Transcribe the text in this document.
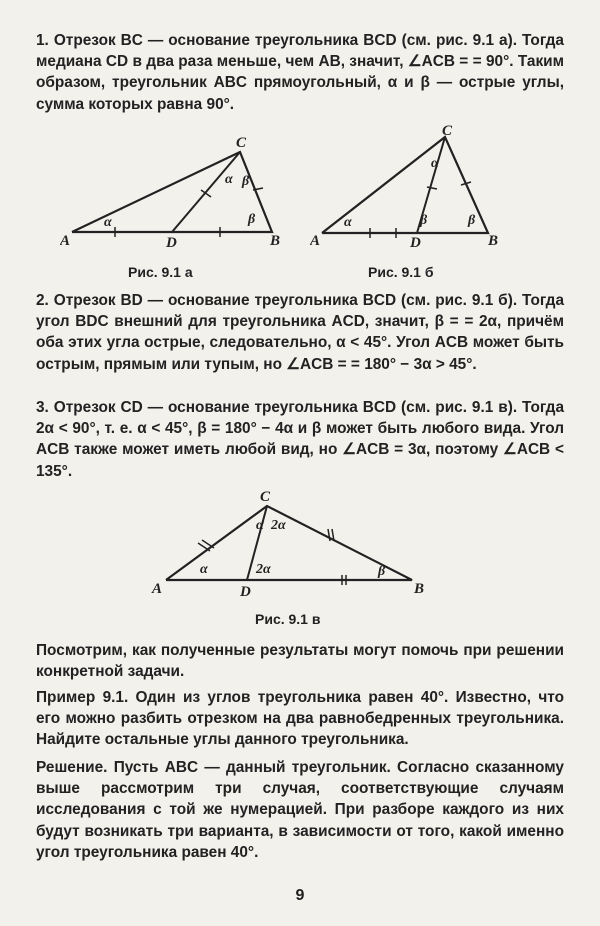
1. Отрезок BC — основание треугольника BCD (см. рис. 9.1 а). Тогда медиана CD в два раза меньше, чем AB, значит, ∠ACB = = 90°. Таким образом, треугольник ABC прямоугольный, α и β — острые углы, сумма которых равна 90°.
A	B
C
D
α
α β
β
Рис. 9.1 а
A	B
C
D
α
α
β	β
Рис. 9.1 б
2. Отрезок BD — основание треугольника BCD (см. рис. 9.1 б). Тогда угол BDC внешний для треугольника ACD, значит, β = = 2α, причём оба этих угла острые, следовательно, α < 45°. Угол ACB может быть острым, прямым или тупым, но ∠ACB = = 180° − 3α > 45°.
3. Отрезок CD — основание треугольника BCD (см. рис. 9.1 в). Тогда 2α < 90°, т. е. α < 45°, β = 180° − 4α и β может быть любого вида. Угол ACB также может иметь любой вид, но ∠ACB = 3α, поэтому ∠ACB < 135°.
A	B
C
D
α
α 2α
2α	β
Рис. 9.1 в
Посмотрим, как полученные результаты могут помочь при решении конкретной задачи.
Пример 9.1. Один из углов треугольника равен 40°. Известно, что его можно разбить отрезком на два равнобедренных треугольника. Найдите остальные углы данного треугольника.
Решение. Пусть ABC — данный треугольник. Согласно сказанному выше рассмотрим три случая, соответствующие случаям исследования с той же нумерацией. При разборе каждого из них будут возникать три варианта, в зависимости от того, какой именно угол треугольника равен 40°.
9
